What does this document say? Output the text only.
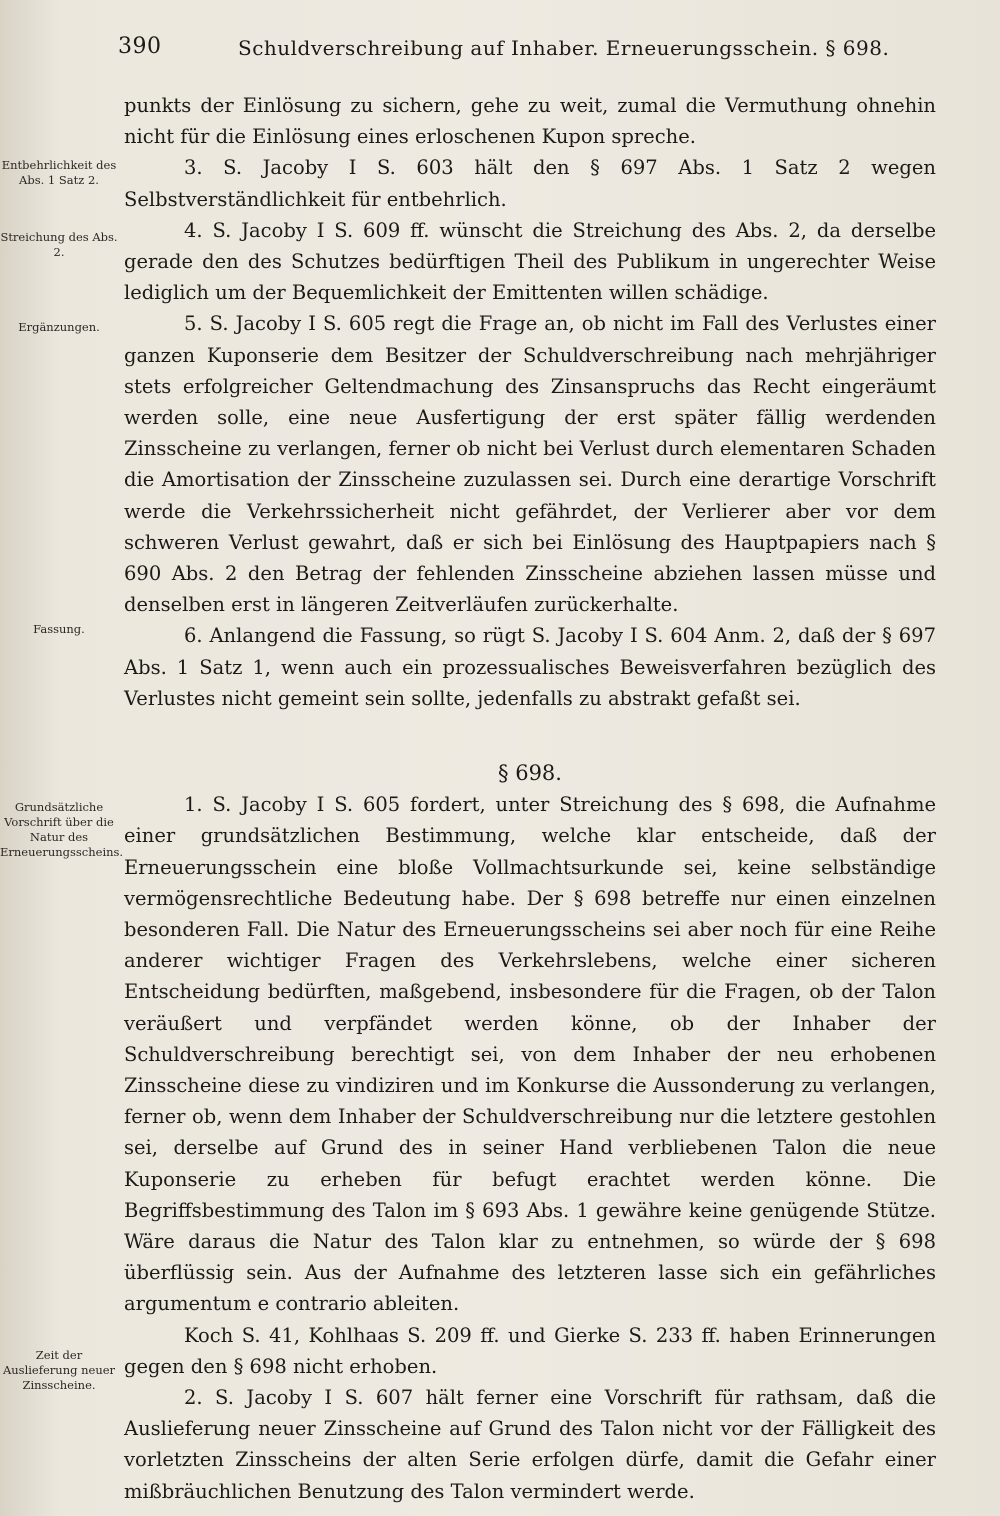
390	Schuldverschreibung auf Inhaber. Erneuerungsschein. § 698.
Entbehrlichkeit des Abs. 1 Satz 2.
Streichung des Abs. 2.
Ergänzungen.
Fassung.
Grundsätzliche Vorschrift über die Natur des Erneuerungsscheins.
Zeit der Auslieferung neuer Zinsscheine.

punkts der Einlösung zu sichern, gehe zu weit, zumal die Vermuthung ohnehin nicht für die Einlösung eines erloschenen Kupon spreche.

3. S. Jacoby I S. 603 hält den § 697 Abs. 1 Satz 2 wegen Selbstverständlichkeit für entbehrlich.

4. S. Jacoby I S. 609 ff. wünscht die Streichung des Abs. 2, da derselbe gerade den des Schutzes bedürftigen Theil des Publikum in ungerechter Weise lediglich um der Bequemlichkeit der Emittenten willen schädige.

5. S. Jacoby I S. 605 regt die Frage an, ob nicht im Fall des Verlustes einer ganzen Kuponserie dem Besitzer der Schuldverschreibung nach mehrjähriger stets erfolgreicher Geltendmachung des Zinsanspruchs das Recht eingeräumt werden solle, eine neue Ausfertigung der erst später fällig werdenden Zinsscheine zu verlangen, ferner ob nicht bei Verlust durch elementaren Schaden die Amortisation der Zinsscheine zuzulassen sei. Durch eine derartige Vorschrift werde die Verkehrssicherheit nicht gefährdet, der Verlierer aber vor dem schweren Verlust gewahrt, daß er sich bei Einlösung des Hauptpapiers nach § 690 Abs. 2 den Betrag der fehlenden Zinsscheine abziehen lassen müsse und denselben erst in längeren Zeitverläufen zurückerhalte.

6. Anlangend die Fassung, so rügt S. Jacoby I S. 604 Anm. 2, daß der § 697 Abs. 1 Satz 1, wenn auch ein prozessualisches Beweisverfahren bezüglich des Verlustes nicht gemeint sein sollte, jedenfalls zu abstrakt gefaßt sei.

§ 698.

1. S. Jacoby I S. 605 fordert, unter Streichung des § 698, die Aufnahme einer grundsätzlichen Bestimmung, welche klar entscheide, daß der Erneuerungsschein eine bloße Vollmachtsurkunde sei, keine selbständige vermögensrechtliche Bedeutung habe. Der § 698 betreffe nur einen einzelnen besonderen Fall. Die Natur des Erneuerungsscheins sei aber noch für eine Reihe anderer wichtiger Fragen des Verkehrslebens, welche einer sicheren Entscheidung bedürften, maßgebend, insbesondere für die Fragen, ob der Talon veräußert und verpfändet werden könne, ob der Inhaber der Schuldverschreibung berechtigt sei, von dem Inhaber der neu erhobenen Zinsscheine diese zu vindiziren und im Konkurse die Aussonderung zu verlangen, ferner ob, wenn dem Inhaber der Schuldverschreibung nur die letztere gestohlen sei, derselbe auf Grund des in seiner Hand verbliebenen Talon die neue Kuponserie zu erheben für befugt erachtet werden könne. Die Begriffsbestimmung des Talon im § 693 Abs. 1 gewähre keine genügende Stütze. Wäre daraus die Natur des Talon klar zu entnehmen, so würde der § 698 überflüssig sein. Aus der Aufnahme des letzteren lasse sich ein gefährliches argumentum e contrario ableiten.

Koch S. 41, Kohlhaas S. 209 ff. und Gierke S. 233 ff. haben Erinnerungen gegen den § 698 nicht erhoben.

2. S. Jacoby I S. 607 hält ferner eine Vorschrift für rathsam, daß die Auslieferung neuer Zinsscheine auf Grund des Talon nicht vor der Fälligkeit des vorletzten Zinsscheins der alten Serie erfolgen dürfe, damit die Gefahr einer mißbräuchlichen Benutzung des Talon vermindert werde.
